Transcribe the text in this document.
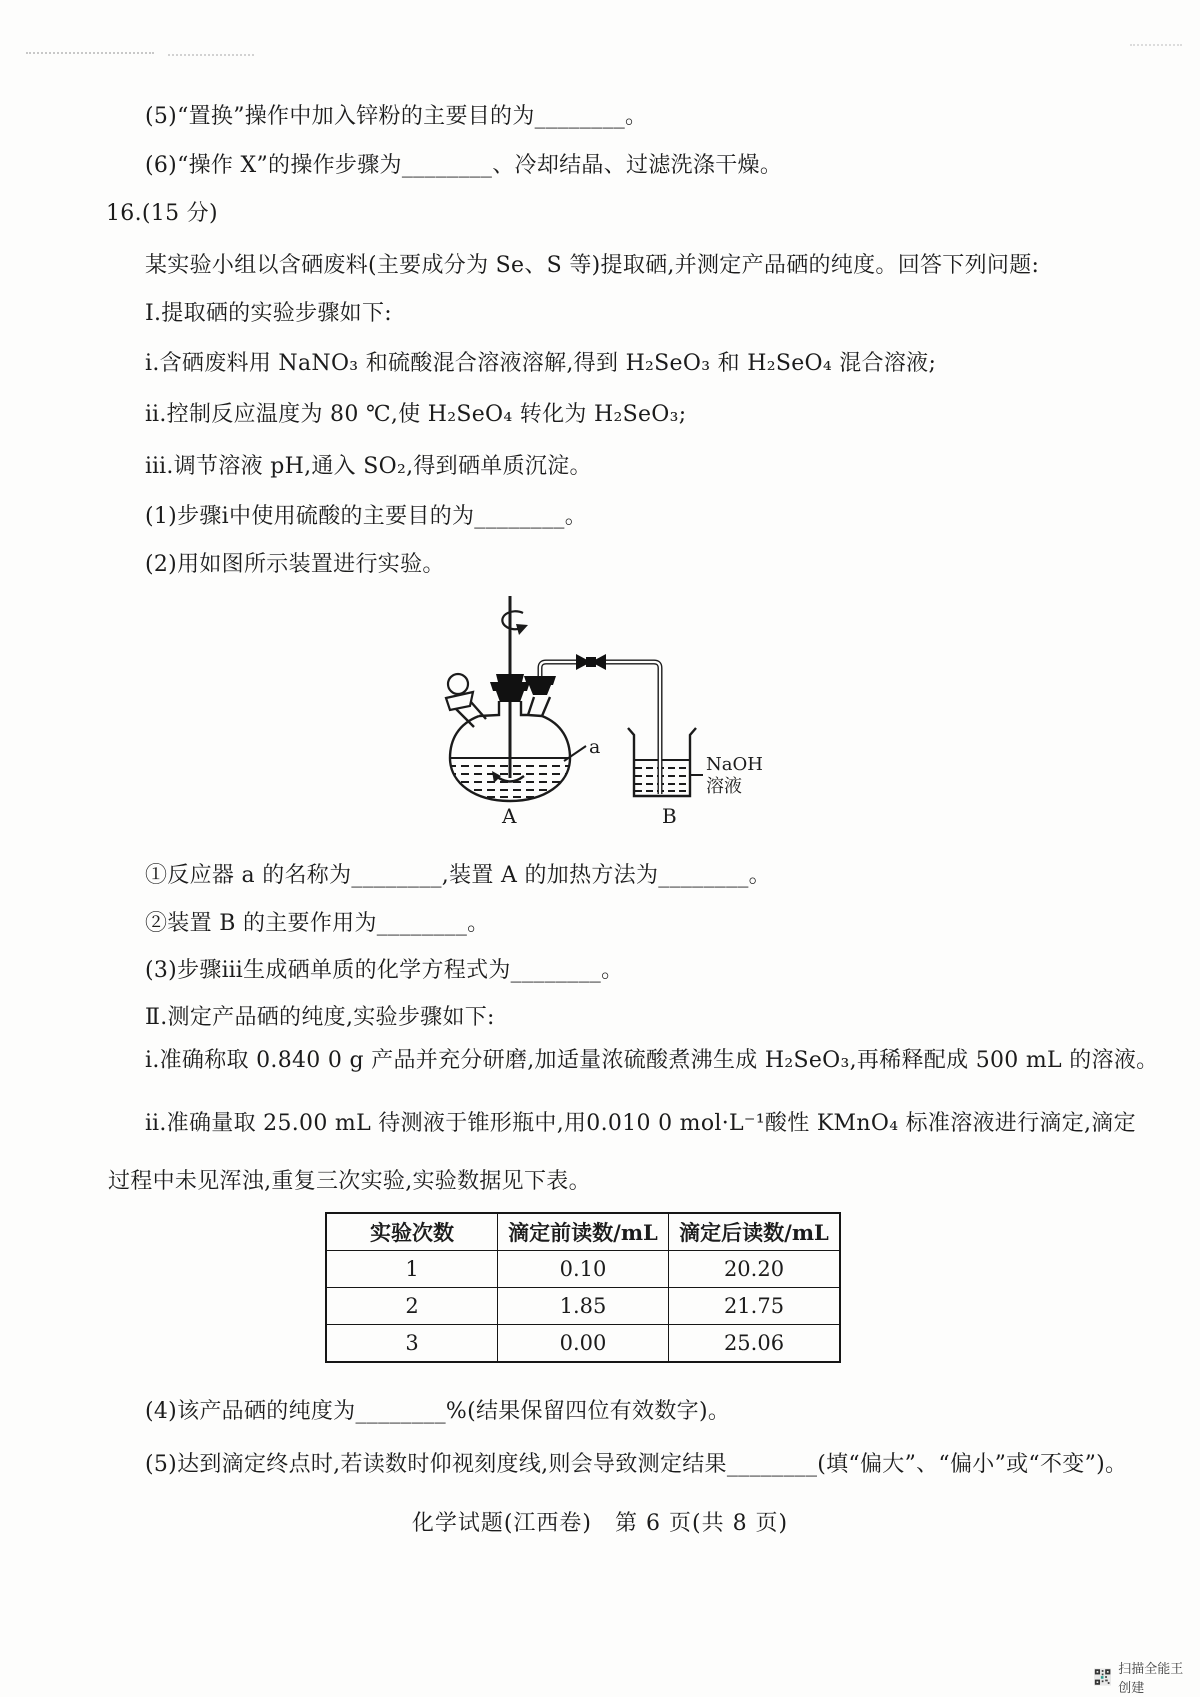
(5)“置换”操作中加入锌粉的主要目的为________。
(6)“操作 X”的操作步骤为________、冷却结晶、过滤洗涤干燥。
16.(15 分)
某实验小组以含硒废料(主要成分为 Se、S 等)提取硒,并测定产品硒的纯度。回答下列问题:
Ⅰ.提取硒的实验步骤如下:
ⅰ.含硒废料用 NaNO₃ 和硫酸混合溶液溶解,得到 H₂SeO₃ 和 H₂SeO₄ 混合溶液;
ⅱ.控制反应温度为 80 ℃,使 H₂SeO₄ 转化为 H₂SeO₃;
ⅲ.调节溶液 pH,通入 SO₂,得到硒单质沉淀。
(1)步骤ⅰ中使用硫酸的主要目的为________。
(2)用如图所示装置进行实验。
a
A	B
NaOH
溶液
①反应器 a 的名称为________,装置 A 的加热方法为________。
②装置 B 的主要作用为________。
(3)步骤ⅲ生成硒单质的化学方程式为________。
Ⅱ.测定产品硒的纯度,实验步骤如下:
ⅰ.准确称取 0.840 0 g 产品并充分研磨,加适量浓硫酸煮沸生成 H₂SeO₃,再稀释配成 500 mL 的溶液。
ⅱ.准确量取 25.00 mL 待测液于锥形瓶中,用0.010 0 mol·L⁻¹酸性 KMnO₄ 标准溶液进行滴定,滴定
过程中未见浑浊,重复三次实验,实验数据见下表。
实验次数	滴定前读数/mL	滴定后读数/mL
1	0.10	20.20
2	1.85	21.75
3	0.00	25.06
(4)该产品硒的纯度为________%(结果保留四位有效数字)。
(5)达到滴定终点时,若读数时仰视刻度线,则会导致测定结果________(填“偏大”、“偏小”或“不变”)。
化学试题(江西卷)　第 6 页(共 8 页)
扫描全能王 创建
